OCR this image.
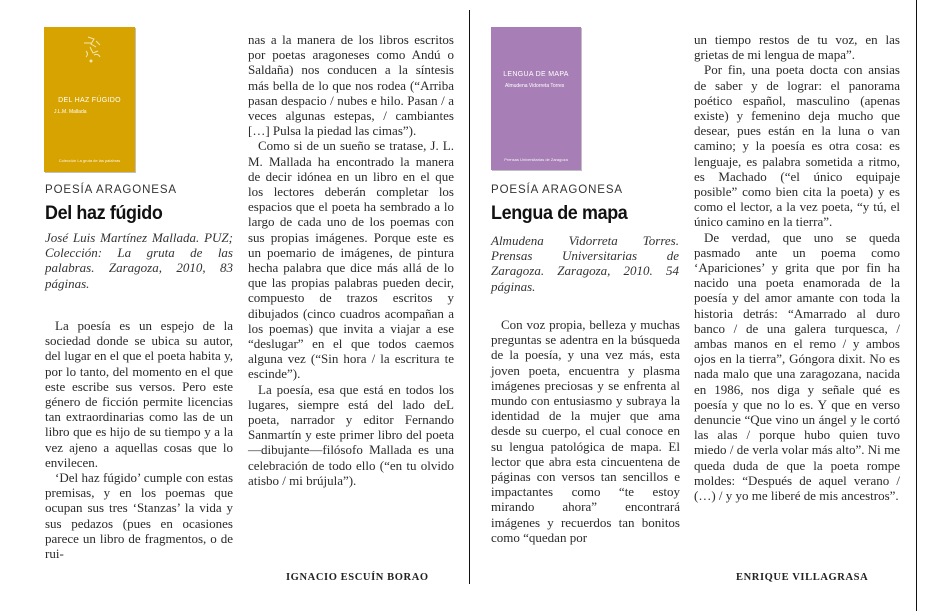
DEL HAZ FÚGIDO
J.L.M. Mallada
Colección La gruta de las palabras
POESÍA ARAGONESA
Del haz fúgido
José Luis Martínez Mallada. PUZ; Colección: La gruta de las palabras. Zaragoza, 2010, 83 páginas.

La poesía es un espejo de la sociedad donde se ubica su autor, del lugar en el que el poeta habita y, por lo tanto, del momento en el que este escribe sus versos. Pero este género de ficción permite licencias tan extraordinarias como las de un libro que es hijo de su tiempo y a la vez ajeno a aquellas cosas que lo envilecen.

‘Del haz fúgido’ cumple con estas premisas, y en los poemas que ocupan sus tres ‘Stanzas’ la vida y sus pedazos (pues en ocasiones parece un libro de fragmentos, o de rui-

nas a la manera de los libros escritos por poetas aragoneses como Andú o Saldaña) nos conducen a la síntesis más bella de lo que nos rodea (“Arriba pasan despacio / nubes e hilo. Pasan / a veces algunas estepas, / cambiantes […] Pulsa la piedad las cimas”).

Como si de un sueño se tratase, J. L. M. Mallada ha encontrado la manera de decir idónea en un libro en el que los lectores deberán completar los espacios que el poeta ha sembrado a lo largo de cada uno de los poemas con sus propias imágenes. Porque este es un poemario de imágenes, de pintura hecha palabra que dice más allá de lo que las propias palabras pueden decir, compuesto de trazos escritos y dibujados (cinco cuadros acompañan a los poemas) que invita a viajar a ese “deslugar” en el que todos caemos alguna vez (“Sin hora / la escritura te escinde”).

La poesía, esa que está en todos los lugares, siempre está del lado deL poeta, narrador y editor Fernando Sanmartín y este primer libro del poeta—dibujante—filósofo Mallada es una celebración de todo ello (“en tu olvido atisbo / mi brújula”).

IGNACIO ESCUÍN BORAO
LENGUA DE MAPA
Almudena Vidorreta Torres
Prensas Universitarias de Zaragoza
POESÍA ARAGONESA
Lengua de mapa
Almudena Vidorreta Torres. Prensas Universitarias de Zaragoza. Zaragoza, 2010. 54 páginas.

Con voz propia, belleza y muchas preguntas se adentra en la búsqueda de la poesía, y una vez más, esta joven poeta, encuentra y plasma imágenes preciosas y se enfrenta al mundo con entusiasmo y subraya la identidad de la mujer que ama desde su cuerpo, el cual conoce en su lengua patológica de mapa. El lector que abra esta cincuentena de páginas con versos tan sencillos e impactantes como “te estoy mirando ahora” encontrará imágenes y recuerdos tan bonitos como “quedan por

un tiempo restos de tu voz, en las grietas de mi lengua de mapa”.

Por fin, una poeta docta con ansias de saber y de lograr: el panorama poético español, masculino (apenas existe) y femenino deja mucho que desear, pues están en la luna o van camino; y la poesía es otra cosa: es lenguaje, es palabra sometida a ritmo, es Machado (“el único equipaje posible” como bien cita la poeta) y es como el lector, a la vez poeta, “y tú, el único camino en la tierra”.

De verdad, que uno se queda pasmado ante un poema como ‘Apariciones’ y grita que por fin ha nacido una poeta enamorada de la poesía y del amor amante con toda la historia detrás: “Amarrado al duro banco / de una galera turquesca, / ambas manos en el remo / y ambos ojos en la tierra”, Góngora dixit. No es nada malo que una zaragozana, nacida en 1986, nos diga y señale qué es poesía y que no lo es. Y que en verso denuncie “Que vino un ángel y le cortó las alas / porque hubo quien tuvo miedo / de verla volar más alto”. Ni me queda duda de que la poeta rompe moldes: “Después de aquel verano / (…) / y yo me liberé de mis ancestros”.

ENRIQUE VILLAGRASA
